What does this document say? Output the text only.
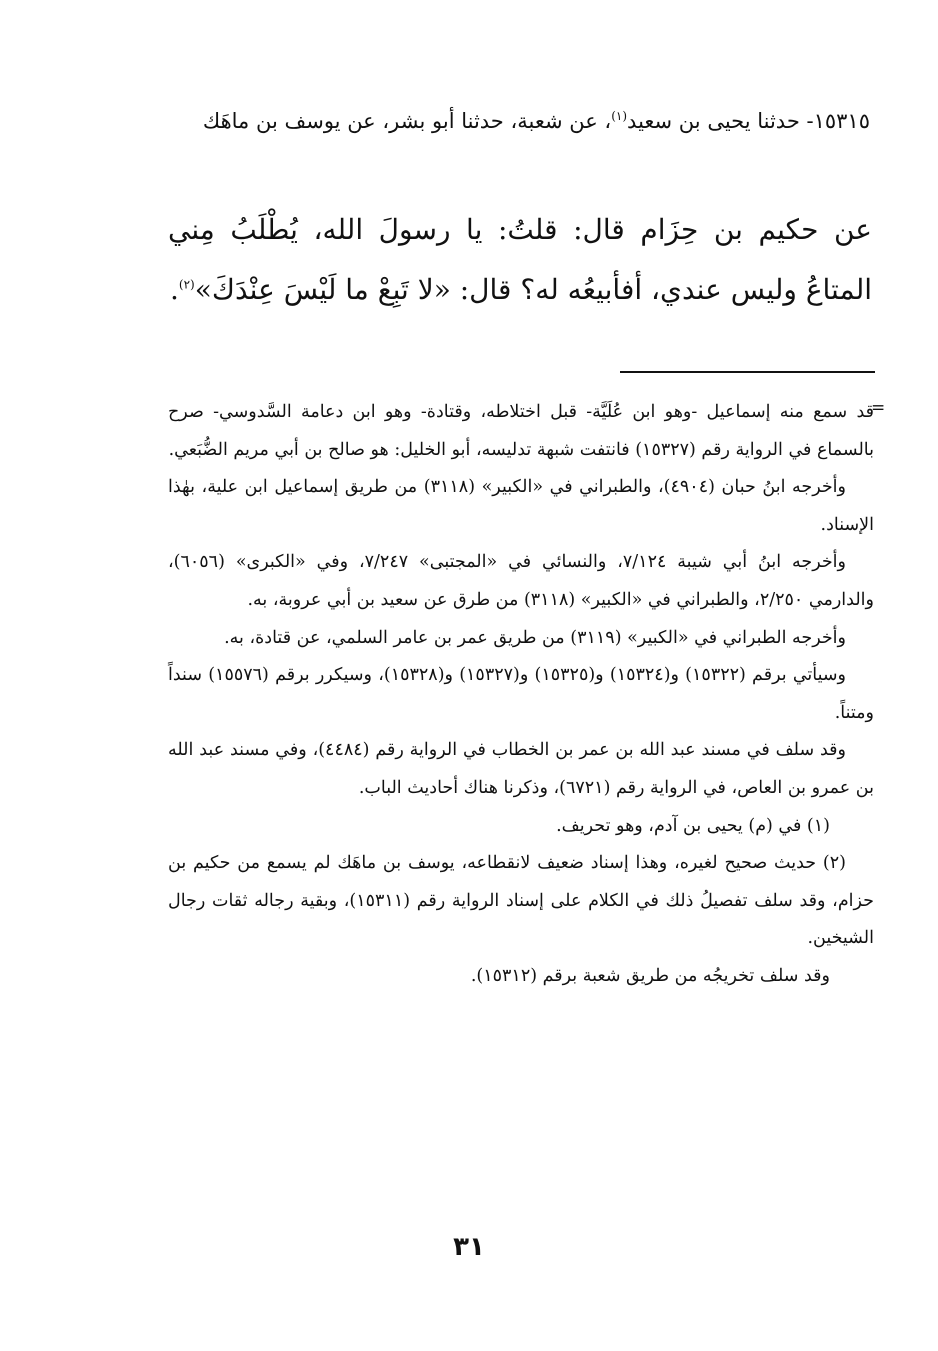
١٥٣١٥- حدثنا يحيى بن سعيد$^{(١)}$، عن شعبة، حدثنا أبو بشر، عن يوسف بن ماهَك
عن حكيم بن حِزَام قال: قلتُ: يا رسولَ الله، يُطْلَبُ مِني المتاعُ وليس عندي، أفأبيعُه له؟ قال: «لا تَبِعْ ما لَيْسَ عِنْدَكَ»$^{(٢)}$.
=

قد سمع منه إسماعيل -وهو ابن عُلَيَّة- قبل اختلاطه، وقتادة- وهو ابن دعامة السَّدوسي- صرح بالسماع في الرواية رقم (١٥٣٢٧) فانتفت شبهة تدليسه، أبو الخليل: هو صالح بن أبي مريم الضُّبَعي.

وأخرجه ابنُ حبان (٤٩٠٤)، والطبراني في «الكبير» (٣١١٨) من طريق إسماعيل ابن علية، بهٰذا الإسناد.

وأخرجه ابنُ أبي شيبة ٧/١٢٤، والنسائي في «المجتبى» ٧/٢٤٧، وفي «الكبرى» (٦٠٥٦)، والدارمي ٢/٢٥٠، والطبراني في «الكبير» (٣١١٨) من طرق عن سعيد بن أبي عروبة، به.

وأخرجه الطبراني في «الكبير» (٣١١٩) من طريق عمر بن عامر السلمي، عن قتادة، به.

وسيأتي برقم (١٥٣٢٢) و(١٥٣٢٤) و(١٥٣٢٥) و(١٥٣٢٧) و(١٥٣٢٨)، وسيكرر برقم (١٥٥٧٦) سنداً ومتناً.

وقد سلف في مسند عبد الله بن عمر بن الخطاب في الرواية رقم (٤٤٨٤)، وفي مسند عبد الله بن عمرو بن العاص، في الرواية رقم (٦٧٢١)، وذكرنا هناك أحاديث الباب.

(١) في (م) يحيى بن آدم، وهو تحريف.

(٢) حديث صحيح لغيره، وهذا إسناد ضعيف لانقطاعه، يوسف بن ماهَك لم يسمع من حكيم بن حزام، وقد سلف تفصيلُ ذلك في الكلام على إسناد الرواية رقم (١٥٣١١)، وبقية رجاله ثقات رجال الشيخين.

وقد سلف تخريجُه من طريق شعبة برقم (١٥٣١٢).

٣١
